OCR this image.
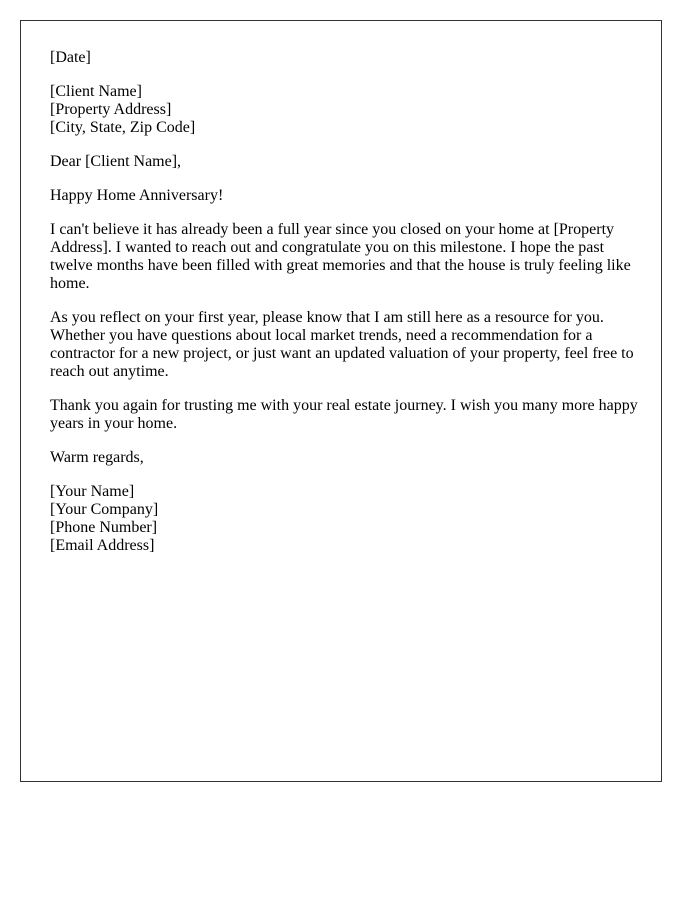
[Date]

[Client Name]
[Property Address]
[City, State, Zip Code]

Dear [Client Name],

Happy Home Anniversary!

I can't believe it has already been a full year since you closed on your home at [Property Address]. I wanted to reach out and congratulate you on this milestone. I hope the past twelve months have been filled with great memories and that the house is truly feeling like home.

As you reflect on your first year, please know that I am still here as a resource for you. Whether you have questions about local market trends, need a recommendation for a contractor for a new project, or just want an updated valuation of your property, feel free to reach out anytime.

Thank you again for trusting me with your real estate journey. I wish you many more happy years in your home.

Warm regards,

[Your Name]
[Your Company]
[Phone Number]
[Email Address]
